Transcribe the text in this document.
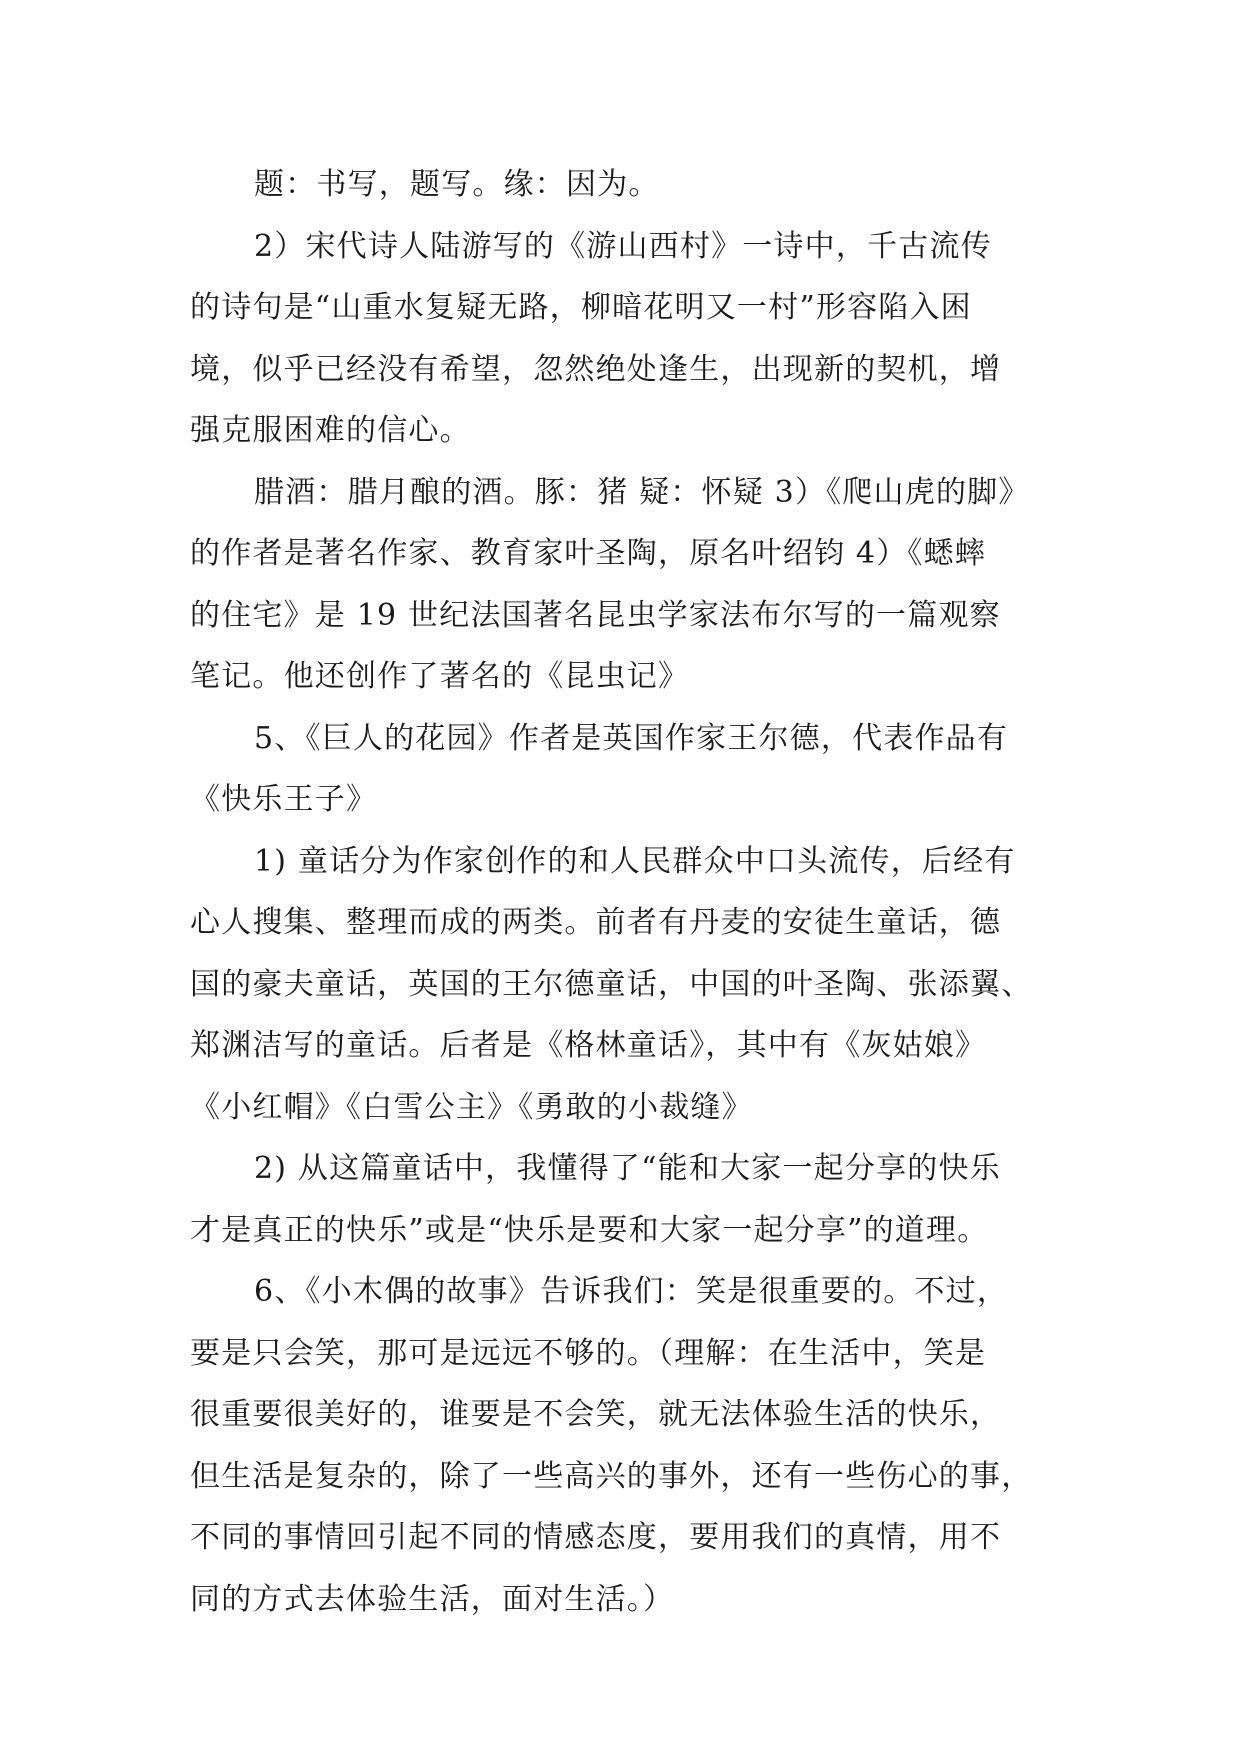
题：书写，题写。缘：因为。
2）宋代诗人陆游写的《游山西村》一诗中，千古流传
的诗句是“山重水复疑无路，柳暗花明又一村”形容陷入困
境，似乎已经没有希望，忽然绝处逢生，出现新的契机，增
强克服困难的信心。
腊酒：腊月酿的酒。豚：猪 疑：怀疑 3）《爬山虎的脚》
的作者是著名作家、教育家叶圣陶，原名叶绍钧 4）《蟋蟀
的住宅》是 19 世纪法国著名昆虫学家法布尔写的一篇观察
笔记。他还创作了著名的《昆虫记》
5、《巨人的花园》作者是英国作家王尔德，代表作品有
《快乐王子》
1) 童话分为作家创作的和人民群众中口头流传，后经有
心人搜集、整理而成的两类。前者有丹麦的安徒生童话，德
国的豪夫童话，英国的王尔德童话，中国的叶圣陶、张添翼、
郑渊洁写的童话。后者是《格林童话》，其中有《灰姑娘》
《小红帽》《白雪公主》《勇敢的小裁缝》
2) 从这篇童话中，我懂得了“能和大家一起分享的快乐
才是真正的快乐”或是“快乐是要和大家一起分享”的道理。
6、《小木偶的故事》告诉我们：笑是很重要的。不过，
要是只会笑，那可是远远不够的。（理解：在生活中，笑是
很重要很美好的，谁要是不会笑，就无法体验生活的快乐，
但生活是复杂的，除了一些高兴的事外，还有一些伤心的事，
不同的事情回引起不同的情感态度，要用我们的真情，用不
同的方式去体验生活，面对生活。）
